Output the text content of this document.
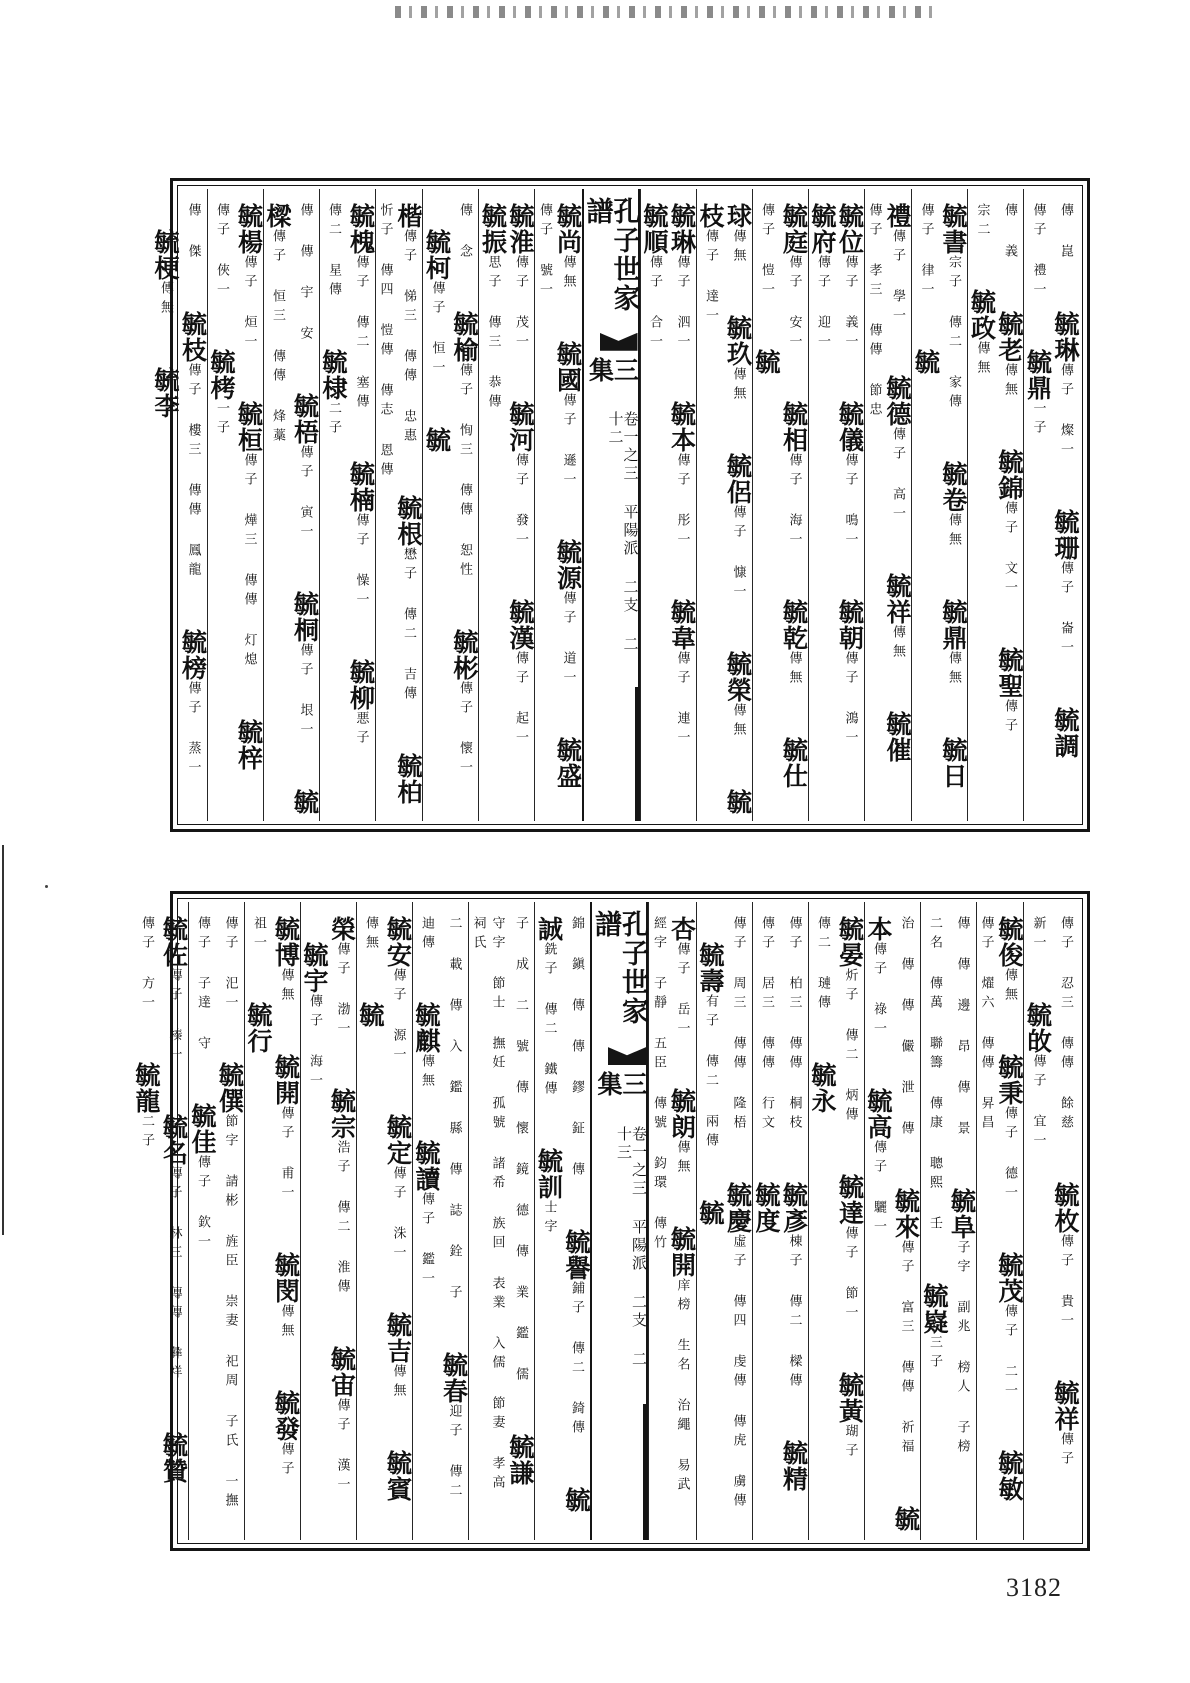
傳崑毓琳傳子燦一毓珊傳子崙一毓調傳子禮一毓鼎一子
傳義毓老傳無毓錦傳子文一毓聖傳子宗二毓政傳無
毓書宗子傳二家傳毓卷傳無毓鼎傳無毓日傳子律一毓
禮傳子學一毓德傳子高一毓祥傳無毓催傳子孝三傳傳節忠
毓位傳子義一毓儀傳子鳴一毓朝傳子鴻一毓府傳子迎一
毓庭傳子安一毓相傳子海一毓乾傳無毓仕傳子愷一毓
球傳無毓玖傳無毓侶傳子慷一毓榮傳無毓枝傳子達一
毓琳傳子泗一毓本傳子彤一毓韋傳子連一毓順傳子合一
孔子世家譜
三集
卷一之三 平陽派 二支 二十二
毓尚傳無毓國傳子遜一毓源傳子道一毓盛傳子號一
毓淮傳子茂一毓河傳子發一毓漢傳子起一毓振思子傳三恭傳
傳念毓榆傳子恂三傳傳恕性毓彬傳子懷一毓柯傳子恒一毓
楷傳子悌三傳傳忠惠毓根懋子傳二吉傳毓柏忻子傳四愷傳傳志恩傳
毓槐傳子傳二塞傳毓楠傳子懆一毓柳悪子傳二星傳毓棣二子
傳傳宇安毓梧傳子寅一毓桐傳子垠一毓樑傳子恒三傳傳烽藁
毓楊傳子烜一毓桓傳子燁三傳傳灯熄毓梓傳子俠一毓栲一子
傳傑毓枝傳子樓三傳傳鳳龍毓榜傳子蒸一毓梗傳無毓李
傳子忍三傳傳餘慈毓枚傳子貴一毓祥傳子新一毓敀傳子宜一
毓俊傳無毓秉傳子德一毓茂傳子二一毓敏傳子燿六傳傳昇昌
傳傳邊昂傳景毓阜子字副兆榜人子榜二名傳萬聯籌傳康聰熙壬毓嶷三子
治傳傳儼泄傳毓來傳子富三傳傳祈福毓本傳子祿一毓高傳子驪一
毓晏炘子傳二炳傳毓達傳子節一毓黃瑚子傳二璉傳毓永
傳子柏三傳傳桐枝毓彥棟子傳二樑傳毓精傳子居三傳傳行文毓度
傳子周三傳傳隆梧毓慶虛子傳四虔傳傳虎虜傳毓壽有子傳二兩傳毓
杏傳子岳一毓朗傳無毓開庠榜生名治繩易武經字子靜五臣傳號鈞環傳竹
孔子世家譜
三集
卷一之三 平陽派 二支 二十三
錦鎭傳傳鏐鉦傳毓譽鋪子傳二錡傳毓誠銑子傳二鐵傳毓訓士字
子成二號傳懷鏡德傳業鑑儒毓謙守字節士撫妊孤號諸希族回表業入儒節妻孝高祠氏
二載傳入鑑縣傳誌銓子毓春迎子傳二迪傳毓麒傳無毓讀傳子鑑一
毓安傳子源一毓定傳子洙一毓吉傳無毓賓傳無毓
榮傳子渤一毓宗浩子傳二淮傳毓宙傳子漢一毓宇傳子海一
毓博傳無毓開傳子甫一毓閔傳無毓發傳子祖一毓行
傳子汜一毓僎節字請彬旌臣崇妻祀周子氏一撫傳子子達守毓佳傳子欽一
毓佐傳子榛一毓名傳子林三傳傳彝祥毓贊傳子方一毓龍二子
3182
